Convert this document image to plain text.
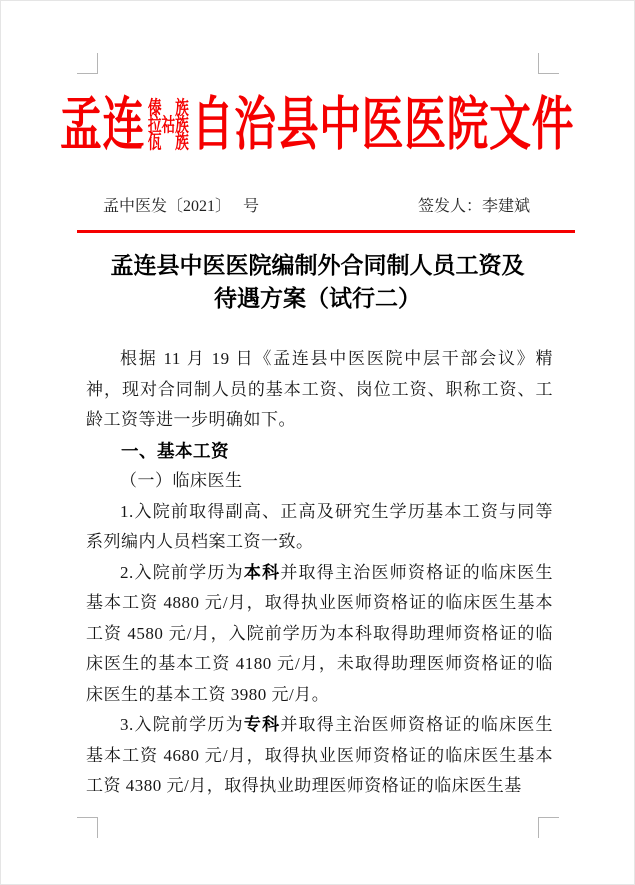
孟连 傣　族
拉祜族
佤　族 自治县中医医院文件
孟中医发〔2021〕　 号	签发人：李建斌
孟连县中医医院编制外合同制人员工资及
待遇方案（试行二）

根据 11 月 19 日《孟连县中医医院中层干部会议》精神，现对合同制人员的基本工资、岗位工资、职称工资、工龄工资等进一步明确如下。

一、基本工资

（一）临床医生

1.入院前取得副高、正高及研究生学历基本工资与同等系列编内人员档案工资一致。

2.入院前学历为本科并取得主治医师资格证的临床医生基本工资 4880 元/月，取得执业医师资格证的临床医生基本工资 4580 元/月，入院前学历为本科取得助理师资格证的临床医生的基本工资 4180 元/月，未取得助理医师资格证的临床医生的基本工资 3980 元/月。

3.入院前学历为专科并取得主治医师资格证的临床医生基本工资 4680 元/月，取得执业医师资格证的临床医生基本工资 4380 元/月，取得执业助理医师资格证的临床医生基
